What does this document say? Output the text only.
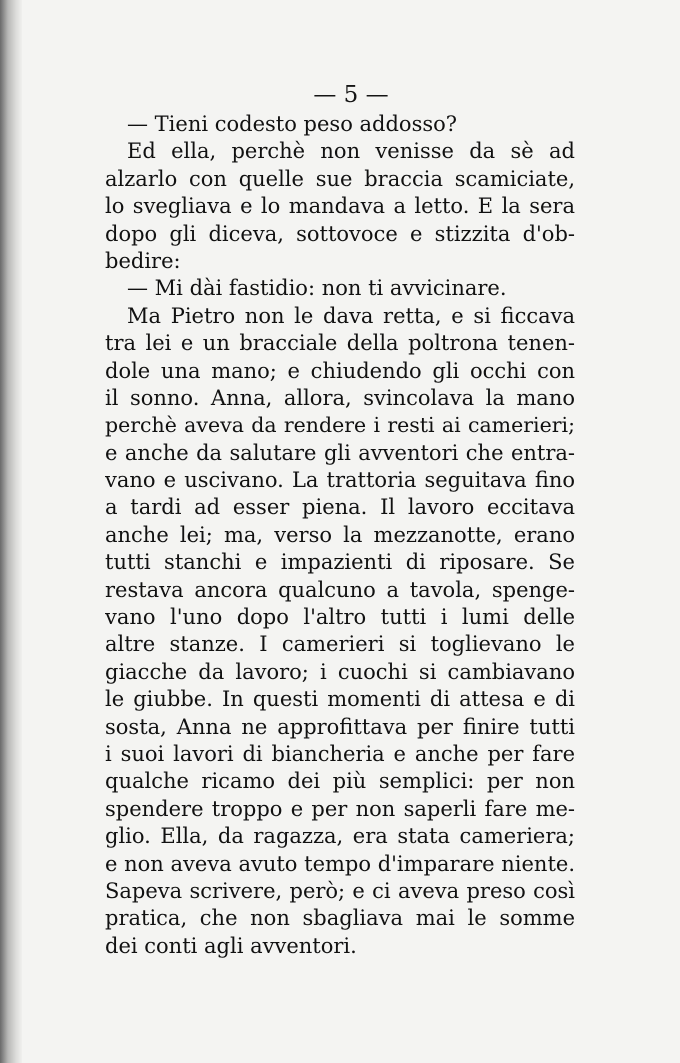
— 5 —
— Tieni codesto peso addosso?
Ed ella, perchè non venisse da sè ad
alzarlo con quelle sue braccia scamiciate,
lo svegliava e lo mandava a letto. E la sera
dopo gli diceva, sottovoce e stizzita d'ob-
bedire:
— Mi dài fastidio: non ti avvicinare.
Ma Pietro non le dava retta, e si ficcava
tra lei e un bracciale della poltrona tenen-
dole una mano; e chiudendo gli occhi con
il sonno. Anna, allora, svincolava la mano
perchè aveva da rendere i resti ai camerieri;
e anche da salutare gli avventori che entra-
vano e uscivano. La trattoria seguitava fino
a tardi ad esser piena. Il lavoro eccitava
anche lei; ma, verso la mezzanotte, erano
tutti stanchi e impazienti di riposare. Se
restava ancora qualcuno a tavola, spenge-
vano l'uno dopo l'altro tutti i lumi delle
altre stanze. I camerieri si toglievano le
giacche da lavoro; i cuochi si cambiavano
le giubbe. In questi momenti di attesa e di
sosta, Anna ne approfittava per finire tutti
i suoi lavori di biancheria e anche per fare
qualche ricamo dei più semplici: per non
spendere troppo e per non saperli fare me-
glio. Ella, da ragazza, era stata cameriera;
e non aveva avuto tempo d'imparare niente.
Sapeva scrivere, però; e ci aveva preso così
pratica, che non sbagliava mai le somme
dei conti agli avventori.
